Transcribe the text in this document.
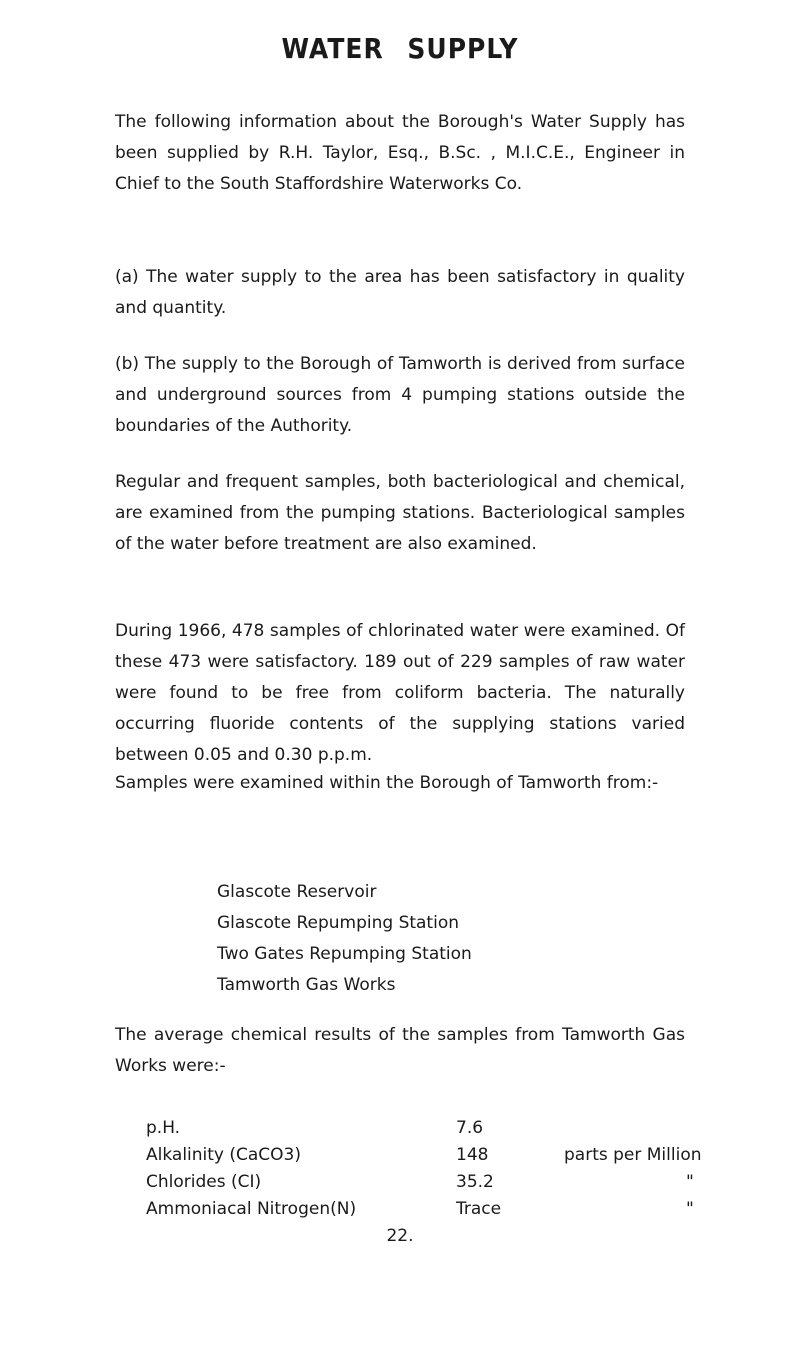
WATER SUPPLY

The following information about the Borough's Water Supply has been supplied by R.H. Taylor, Esq., B.Sc. , M.I.C.E., Engineer in Chief to the South Staffordshire Waterworks Co.

(a) The water supply to the area has been satisfactory in quality and quantity.

(b) The supply to the Borough of Tamworth is derived from surface and underground sources from 4 pumping stations outside the boundaries of the Authority.

Regular and frequent samples, both bacteriological and chemical, are examined from the pumping stations. Bacteriological samples of the water before treatment are also examined.

During 1966, 478 samples of chlorinated water were examined. Of these 473 were satisfactory. 189 out of 229 samples of raw water were found to be free from coliform bacteria. The naturally occurring fluoride contents of the supplying stations varied between 0.05 and 0.30 p.p.m.

Samples were examined within the Borough of Tamworth from:-

Glascote Reservoir
Glascote Repumping Station
Two Gates Repumping Station
Tamworth Gas Works

The average chemical results of the samples from Tamworth Gas Works were:-

p.H.	7.6
Alkalinity (CaCO3)	148	parts per Million
Chlorides (CI)	35.2	"
Ammoniacal Nitrogen(N)	Trace	"
22.
